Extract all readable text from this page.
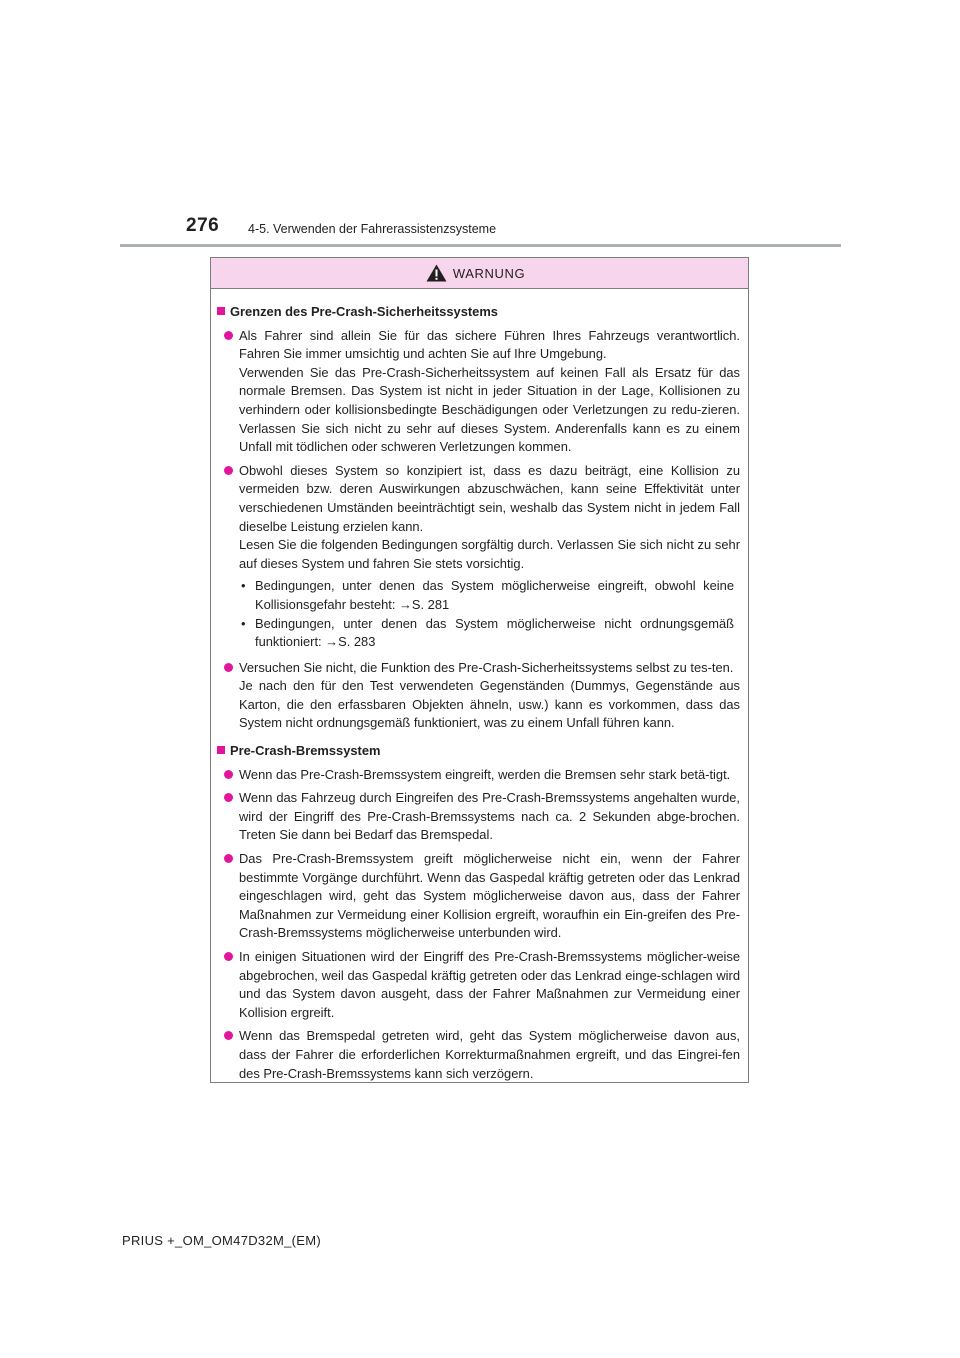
276 4-5. Verwenden der Fahrerassistenzsysteme
WARNUNG
Grenzen des Pre-Crash-Sicherheitssystems

Als Fahrer sind allein Sie für das sichere Führen Ihres Fahrzeugs verantwortlich. Fahren Sie immer umsichtig und achten Sie auf Ihre Umgebung.

Verwenden Sie das Pre-Crash-Sicherheitssystem auf keinen Fall als Ersatz für das normale Bremsen. Das System ist nicht in jeder Situation in der Lage, Kollisionen zu verhindern oder kollisionsbedingte Beschädigungen oder Verletzungen zu redu-zieren. Verlassen Sie sich nicht zu sehr auf dieses System. Anderenfalls kann es zu einem Unfall mit tödlichen oder schweren Verletzungen kommen.

Obwohl dieses System so konzipiert ist, dass es dazu beiträgt, eine Kollision zu vermeiden bzw. deren Auswirkungen abzuschwächen, kann seine Effektivität unter verschiedenen Umständen beeinträchtigt sein, weshalb das System nicht in jedem Fall dieselbe Leistung erzielen kann.

Lesen Sie die folgenden Bedingungen sorgfältig durch. Verlassen Sie sich nicht zu sehr auf dieses System und fahren Sie stets vorsichtig.

• Bedingungen, unter denen das System möglicherweise eingreift, obwohl keine Kollisionsgefahr besteht: →S. 281
• Bedingungen, unter denen das System möglicherweise nicht ordnungsgemäß funktioniert: →S. 283

Versuchen Sie nicht, die Funktion des Pre-Crash-Sicherheitssystems selbst zu tes-ten.

Je nach den für den Test verwendeten Gegenständen (Dummys, Gegenstände aus Karton, die den erfassbaren Objekten ähneln, usw.) kann es vorkommen, dass das System nicht ordnungsgemäß funktioniert, was zu einem Unfall führen kann.

Pre-Crash-Bremssystem

Wenn das Pre-Crash-Bremssystem eingreift, werden die Bremsen sehr stark betä-tigt.

Wenn das Fahrzeug durch Eingreifen des Pre-Crash-Bremssystems angehalten wurde, wird der Eingriff des Pre-Crash-Bremssystems nach ca. 2 Sekunden abge-brochen. Treten Sie dann bei Bedarf das Bremspedal.

Das Pre-Crash-Bremssystem greift möglicherweise nicht ein, wenn der Fahrer bestimmte Vorgänge durchführt. Wenn das Gaspedal kräftig getreten oder das Lenkrad eingeschlagen wird, geht das System möglicherweise davon aus, dass der Fahrer Maßnahmen zur Vermeidung einer Kollision ergreift, woraufhin ein Ein-greifen des Pre-Crash-Bremssystems möglicherweise unterbunden wird.

In einigen Situationen wird der Eingriff des Pre-Crash-Bremssystems möglicher-weise abgebrochen, weil das Gaspedal kräftig getreten oder das Lenkrad einge-schlagen wird und das System davon ausgeht, dass der Fahrer Maßnahmen zur Vermeidung einer Kollision ergreift.

Wenn das Bremspedal getreten wird, geht das System möglicherweise davon aus, dass der Fahrer die erforderlichen Korrekturmaßnahmen ergreift, und das Eingrei-fen des Pre-Crash-Bremssystems kann sich verzögern.

PRIUS +_OM_OM47D32M_(EM)
